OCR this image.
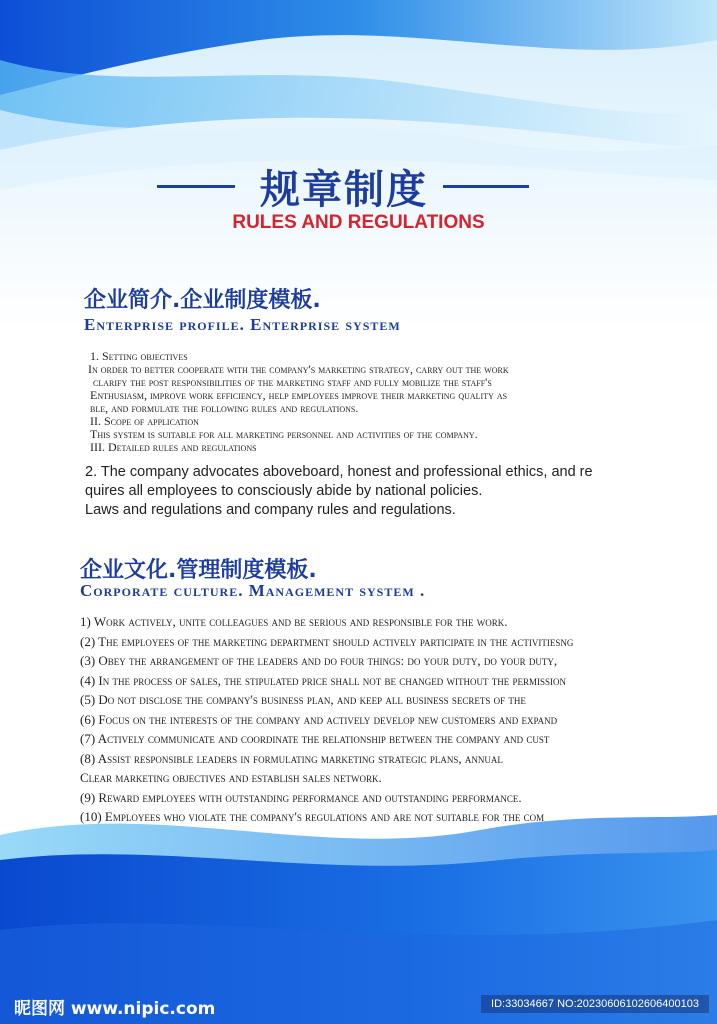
规章制度
RULES AND REGULATIONS
企业简介.企业制度模板.
Enterprise profile. Enterprise system
1. Setting objectives
In order to better cooperate with the company's marketing strategy, carry out the work
clarify the post responsibilities of the marketing staff and fully mobilize the staff's
Enthusiasm, improve work efficiency, help employees improve their marketing quality as
ble, and formulate the following rules and regulations.
II. Scope of application
This system is suitable for all marketing personnel and activities of the company.
III. Detailed rules and regulations
2. The company advocates aboveboard, honest and professional ethics, and re
quires all employees to consciously abide by national policies.
Laws and regulations and company rules and regulations.
企业文化.管理制度模板.
Corporate culture. Management system .
1) Work actively, unite colleagues and be serious and responsible for the work.
(2) The employees of the marketing department should actively participate in the activitiesng
(3) Obey the arrangement of the leaders and do four things: do your duty, do your duty,
(4) In the process of sales, the stipulated price shall not be changed without the permission
(5) Do not disclose the company's business plan, and keep all business secrets of the
(6) Focus on the interests of the company and actively develop new customers and expand
(7) Actively communicate and coordinate the relationship between the company and cust
(8) Assist responsible leaders in formulating marketing strategic plans, annual
Clear marketing objectives and establish sales network.
(9) Reward employees with outstanding performance and outstanding performance.
(10) Employees who violate the company's regulations and are not suitable for the com
昵图网 www.nipic.com	ID:33034667 NO:20230606102606400103
